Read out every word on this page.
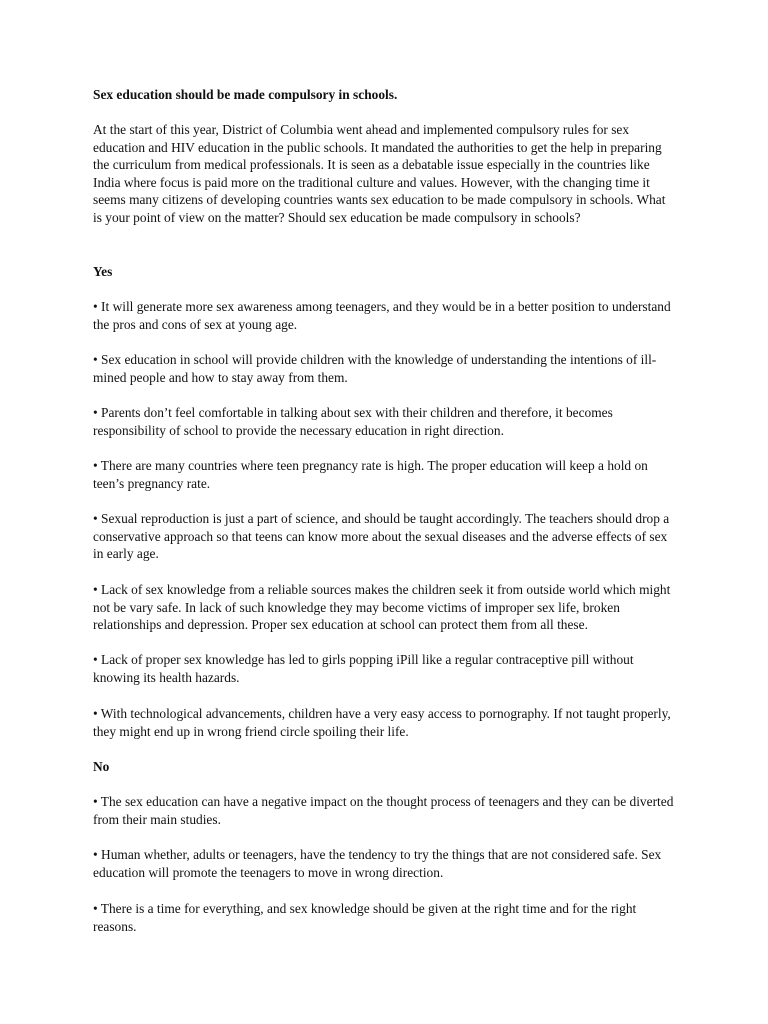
Sex education should be made compulsory in schools.

At the start of this year, District of Columbia went ahead and implemented compulsory rules for sex education and HIV education in the public schools. It mandated the authorities to get the help in preparing the curriculum from medical professionals. It is seen as a debatable issue especially in the countries like India where focus is paid more on the traditional culture and values. However, with the changing time it seems many citizens of developing countries wants sex education to be made compulsory in schools. What is your point of view on the matter? Should sex education be made compulsory in schools?

Yes

• It will generate more sex awareness among teenagers, and they would be in a better position to understand the pros and cons of sex at young age.

• Sex education in school will provide children with the knowledge of understanding the intentions of ill-mined people and how to stay away from them.

• Parents don’t feel comfortable in talking about sex with their children and therefore, it becomes responsibility of school to provide the necessary education in right direction.

• There are many countries where teen pregnancy rate is high. The proper education will keep a hold on teen’s pregnancy rate.

• Sexual reproduction is just a part of science, and should be taught accordingly. The teachers should drop a conservative approach so that teens can know more about the sexual diseases and the adverse effects of sex in early age.

• Lack of sex knowledge from a reliable sources makes the children seek it from outside world which might not be vary safe. In lack of such knowledge they may become victims of improper sex life, broken relationships and depression. Proper sex education at school can protect them from all these.

• Lack of proper sex knowledge has led to girls popping iPill like a regular contraceptive pill without knowing its health hazards.

• With technological advancements, children have a very easy access to pornography. If not taught properly, they might end up in wrong friend circle spoiling their life.

No

• The sex education can have a negative impact on the thought process of teenagers and they can be diverted from their main studies.

• Human whether, adults or teenagers, have the tendency to try the things that are not considered safe. Sex education will promote the teenagers to move in wrong direction.

• There is a time for everything, and sex knowledge should be given at the right time and for the right reasons.
